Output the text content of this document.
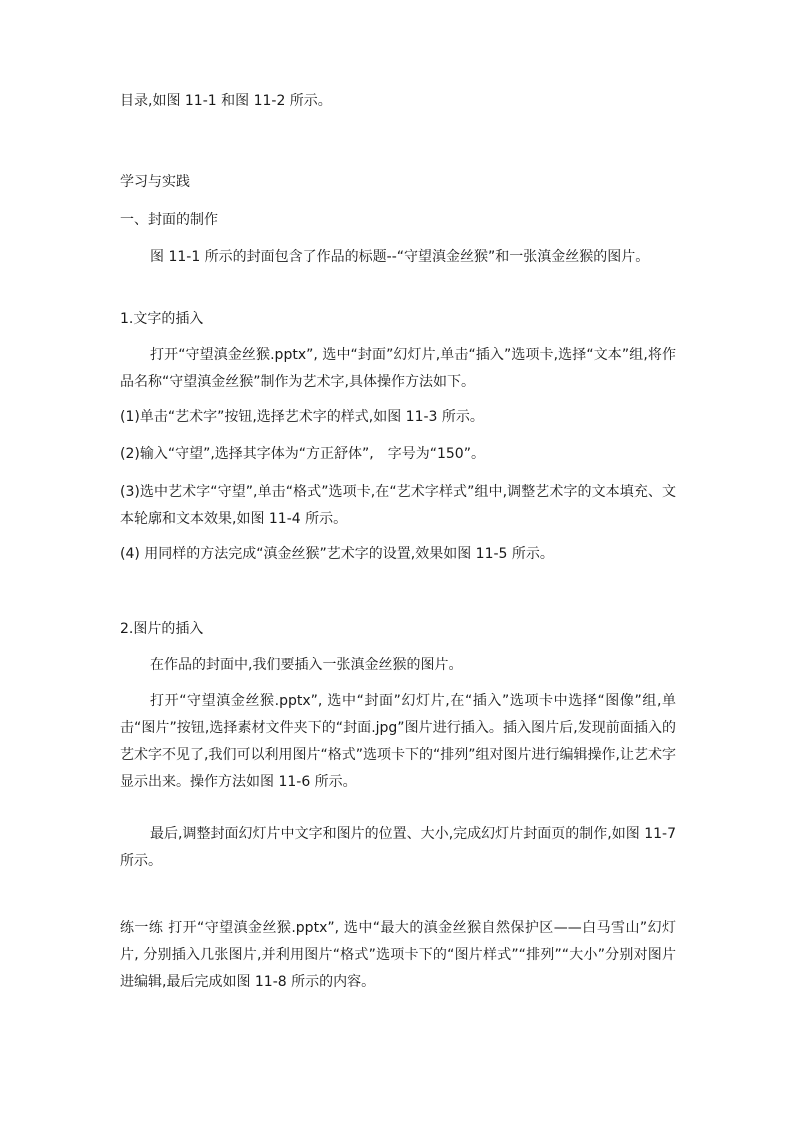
目录,如图 11-1 和图 11-2 所示。

学习与实践

一、封面的制作

图 11-1 所示的封面包含了作品的标题--“守望滇金丝猴”和一张滇金丝猴的图片。

1.文字的插入

打开“守望滇金丝猴.pptx”, 选中“封面”幻灯片,单击“插入”选项卡,选择“文本”组,将作品名称“守望滇金丝猴”制作为艺术字,具体操作方法如下。

(1)单击“艺术字”按钮,选择艺术字的样式,如图 11-3 所示。

(2)输入“守望”,选择其字体为“方正舒体”,　字号为“150”。

(3)选中艺术字“守望”,单击“格式”选项卡,在“艺术字样式”组中,调整艺术字的文本填充、文本轮廓和文本效果,如图 11-4 所示。

(4) 用同样的方法完成“滇金丝猴”艺术字的设置,效果如图 11-5 所示。

2.图片的插入

在作品的封面中,我们要插入一张滇金丝猴的图片。

打开“守望滇金丝猴.pptx”, 选中“封面”幻灯片,在“插入”选项卡中选择“图像”组,单击“图片”按钮,选择素材文件夹下的“封面.jpg”图片进行插入。插入图片后,发现前面插入的艺术字不见了,我们可以利用图片“格式”选项卡下的“排列”组对图片进行编辑操作,让艺术字显示出来。操作方法如图 11-6 所示。

最后,调整封面幻灯片中文字和图片的位置、大小,完成幻灯片封面页的制作,如图 11-7 所示。

练一练 打开“守望滇金丝猴.pptx”, 选中“最大的滇金丝猴自然保护区——白马雪山”幻灯片, 分别插入几张图片,并利用图片“格式”选项卡下的“图片样式”“排列”“大小”分别对图片进编辑,最后完成如图 11-8 所示的内容。
